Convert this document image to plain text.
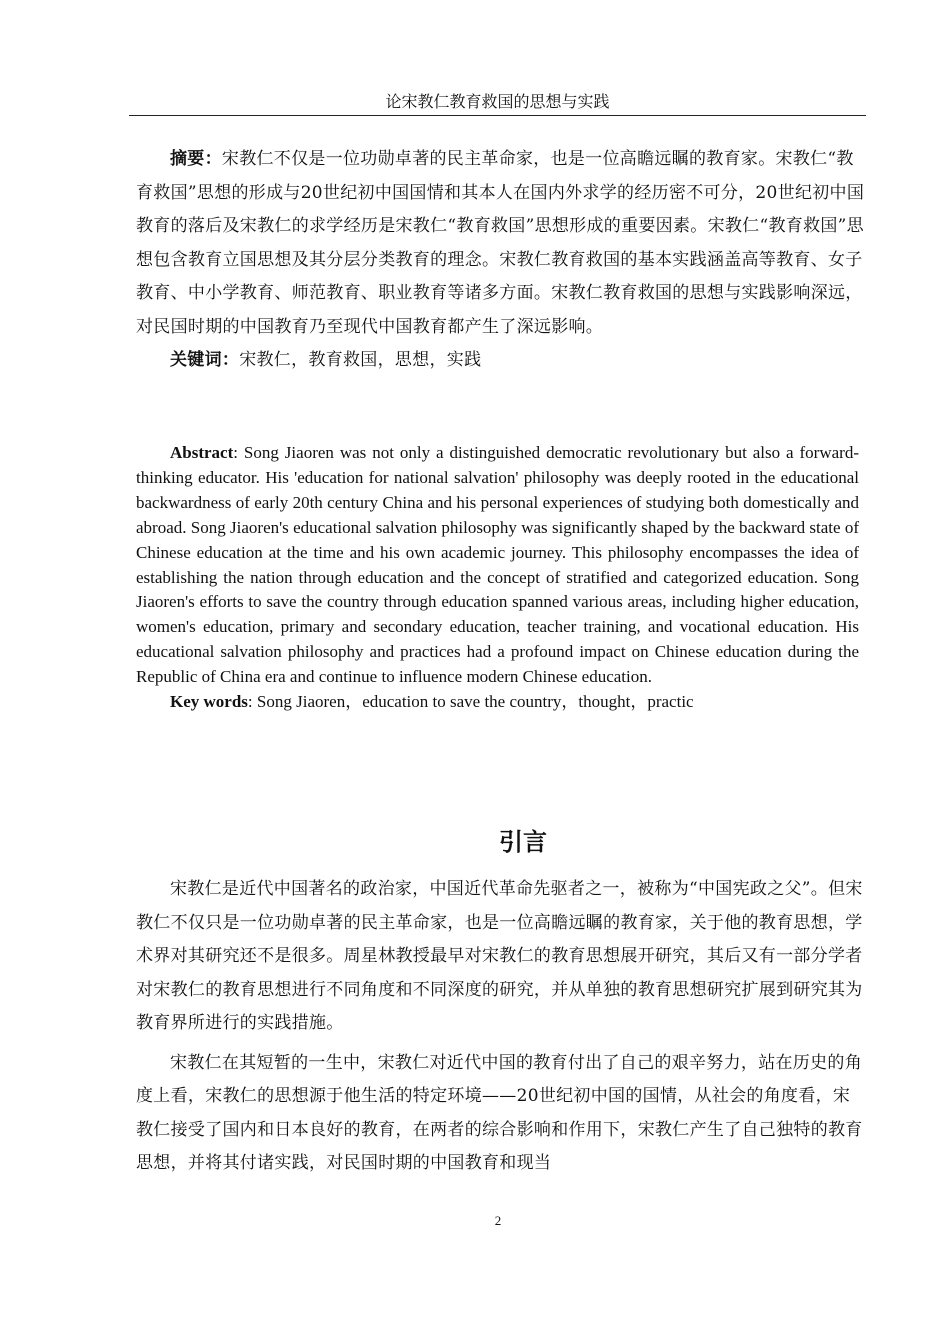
论宋教仁教育救国的思想与实践

摘要：宋教仁不仅是一位功勋卓著的民主革命家，也是一位高瞻远瞩的教育家。宋教仁“教育救国”思想的形成与20世纪初中国国情和其本人在国内外求学的经历密不可分，20世纪初中国教育的落后及宋教仁的求学经历是宋教仁“教育救国”思想形成的重要因素。宋教仁“教育救国”思想包含教育立国思想及其分层分类教育的理念。宋教仁教育救国的基本实践涵盖高等教育、女子教育、中小学教育、师范教育、职业教育等诸多方面。宋教仁教育救国的思想与实践影响深远，对民国时期的中国教育乃至现代中国教育都产生了深远影响。

关键词：宋教仁，教育救国，思想，实践

Abstract: Song Jiaoren was not only a distinguished democratic revolutionary but also a forward-thinking educator. His 'education for national salvation' philosophy was deeply rooted in the educational backwardness of early 20th century China and his personal experiences of studying both domestically and abroad. Song Jiaoren's educational salvation philosophy was significantly shaped by the backward state of Chinese education at the time and his own academic journey. This philosophy encompasses the idea of establishing the nation through education and the concept of stratified and categorized education. Song Jiaoren's efforts to save the country through education spanned various areas, including higher education, women's education, primary and secondary education, teacher training, and vocational education. His educational salvation philosophy and practices had a profound impact on Chinese education during the Republic of China era and continue to influence modern Chinese education.

Key words: Song Jiaoren，education to save the country，thought，practic

引言

宋教仁是近代中国著名的政治家，中国近代革命先驱者之一，被称为“中国宪政之父”。但宋教仁不仅只是一位功勋卓著的民主革命家，也是一位高瞻远瞩的教育家，关于他的教育思想，学术界对其研究还不是很多。周星林教授最早对宋教仁的教育思想展开研究，其后又有一部分学者对宋教仁的教育思想进行不同角度和不同深度的研究，并从单独的教育思想研究扩展到研究其为教育界所进行的实践措施。

宋教仁在其短暂的一生中，宋教仁对近代中国的教育付出了自己的艰辛努力，站在历史的角度上看，宋教仁的思想源于他生活的特定环境——20世纪初中国的国情，从社会的角度看，宋教仁接受了国内和日本良好的教育，在两者的综合影响和作用下，宋教仁产生了自己独特的教育思想，并将其付诸实践，对民国时期的中国教育和现当

2
